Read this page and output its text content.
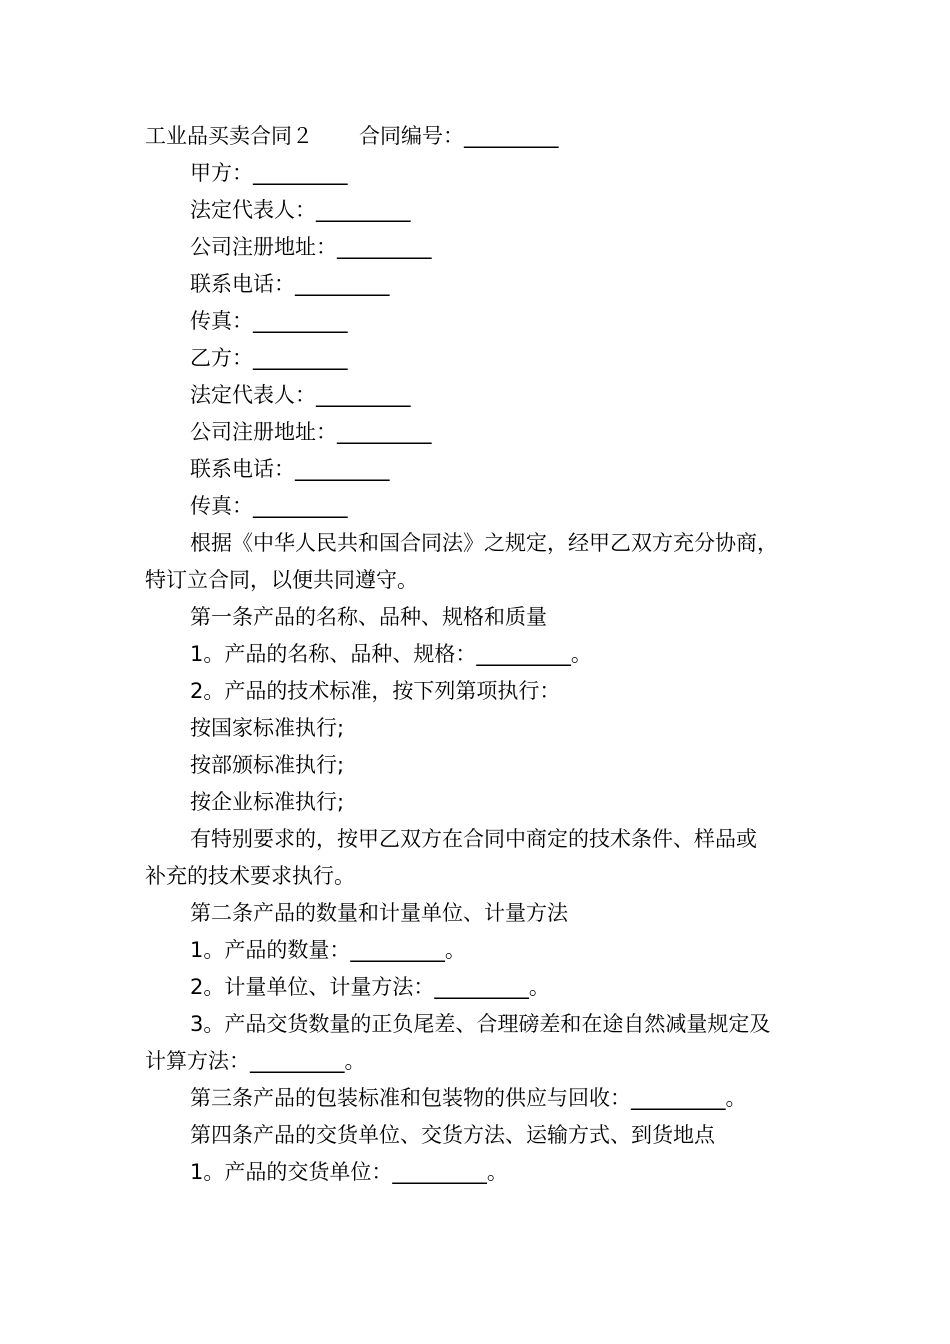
工业品买卖合同２ 合同编号：_________
甲方：_________
法定代表人：_________
公司注册地址：_________
联系电话：_________
传真：_________
乙方：_________
法定代表人：_________
公司注册地址：_________
联系电话：_________
传真：_________
根据《中华人民共和国合同法》之规定，经甲乙双方充分协商，
特订立合同，以便共同遵守。
第一条产品的名称、品种、规格和质量
1。产品的名称、品种、规格：_________。
2。产品的技术标准，按下列第项执行：
按国家标准执行;
按部颁标准执行;
按企业标准执行;
有特别要求的，按甲乙双方在合同中商定的技术条件、样品或
补充的技术要求执行。
第二条产品的数量和计量单位、计量方法
1。产品的数量：_________。
2。计量单位、计量方法：_________。
3。产品交货数量的正负尾差、合理磅差和在途自然减量规定及
计算方法：_________。
第三条产品的包装标准和包装物的供应与回收：_________。
第四条产品的交货单位、交货方法、运输方式、到货地点
1。产品的交货单位：_________。
